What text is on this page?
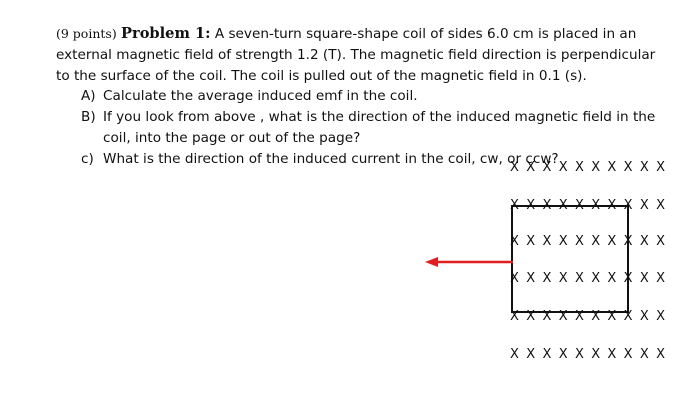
(9 points) Problem 1: A seven-turn square-shape coil of sides 6.0 cm is placed in an external magnetic field of strength 1.2 (T). The magnetic field direction is perpendicular to the surface of the coil. The coil is pulled out of the magnetic field in 0.1 (s).

A) Calculate the average induced emf in the coil.
B) If you look from above , what is the direction of the induced magnetic field in the coil, into the page or out of the page?
c) What is the direction of the induced current in the coil, cw, or ccw?
X X X X X X X X X X
X X X X X X X X X X
X X X X X X X X X X
X X X X X X X X X X
X X X X X X X X X X
X X X X X X X X X X
